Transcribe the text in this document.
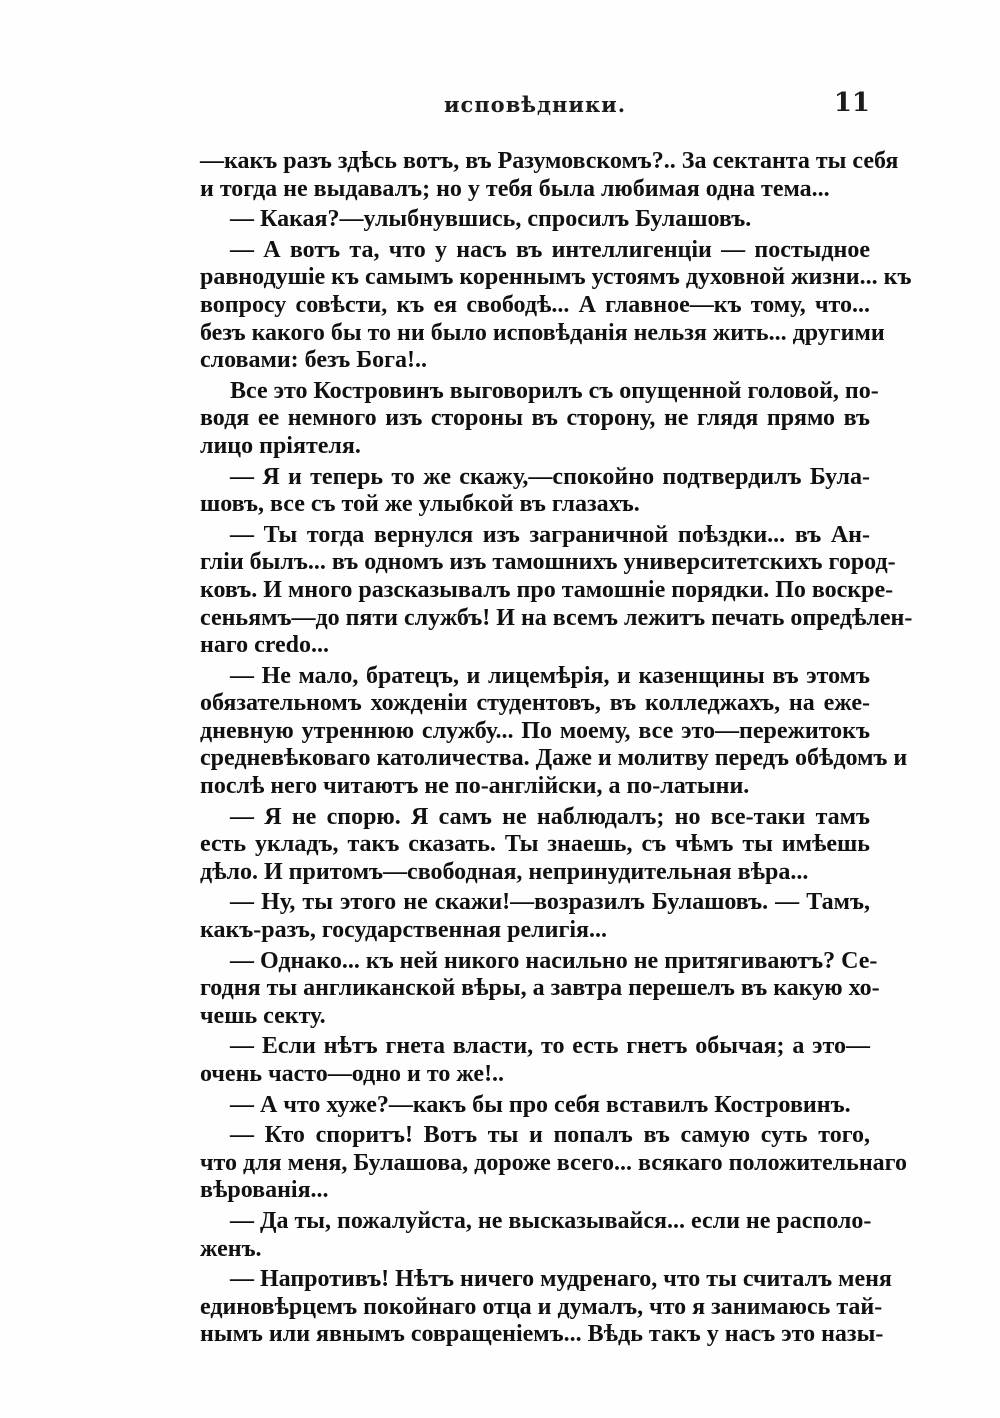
исповѣдники.	11
—какъ разъ здѣсь вотъ, въ Разумовскомъ?.. За сектанта ты себя
и тогда не выдавалъ; но у тебя была любимая одна тема...
— Какая?—улыбнувшись, спросилъ Булашовъ.
— А вотъ та, что у насъ въ интеллигенціи — постыдное
равнодушіе къ самымъ кореннымъ устоямъ духовной жизни... къ
вопросу совѣсти, къ ея свободѣ... А главное—къ тому, что...
безъ какого бы то ни было исповѣданія нельзя жить... другими
словами: безъ Бога!..
Все это Костровинъ выговорилъ съ опущенной головой, по-
водя ее немного изъ стороны въ сторону, не глядя прямо въ
лицо пріятеля.
— Я и теперь то же скажу,—спокойно подтвердилъ Була-
шовъ, все съ той же улыбкой въ глазахъ.
— Ты тогда вернулся изъ заграничной поѣздки... въ Ан-
гліи былъ... въ одномъ изъ тамошнихъ университетскихъ город-
ковъ. И много разсказывалъ про тамошніе порядки. По воскре-
сеньямъ—до пяти службъ! И на всемъ лежитъ печать опредѣлен-
наго credo...
— Не мало, братецъ, и лицемѣрія, и казенщины въ этомъ
обязательномъ хожденіи студентовъ, въ колледжахъ, на еже-
дневную утреннюю службу... По моему, все это—пережитокъ
средневѣковаго католичества. Даже и молитву передъ обѣдомъ и
послѣ него читаютъ не по-англійски, а по-латыни.
— Я не спорю. Я самъ не наблюдалъ; но все-таки тамъ
есть укладъ, такъ сказать. Ты знаешь, съ чѣмъ ты имѣешь
дѣло. И притомъ—свободная, непринудительная вѣра...
— Ну, ты этого не скажи!—возразилъ Булашовъ. — Тамъ,
какъ-разъ, государственная религія...
— Однако... къ ней никого насильно не притягиваютъ? Се-
годня ты англиканской вѣры, а завтра перешелъ въ какую хо-
чешь секту.
— Если нѣтъ гнета власти, то есть гнетъ обычая; а это—
очень часто—одно и то же!..
— А что хуже?—какъ бы про себя вставилъ Костровинъ.
— Кто споритъ! Вотъ ты и попалъ въ самую суть того,
что для меня, Булашова, дороже всего... всякаго положительнаго
вѣрованія...
— Да ты, пожалуйста, не высказывайся... если не располо-
женъ.
— Напротивъ! Нѣтъ ничего мудренаго, что ты считалъ меня
единовѣрцемъ покойнаго отца и думалъ, что я занимаюсь тай-
нымъ или явнымъ совращеніемъ... Вѣдь такъ у насъ это назы-
